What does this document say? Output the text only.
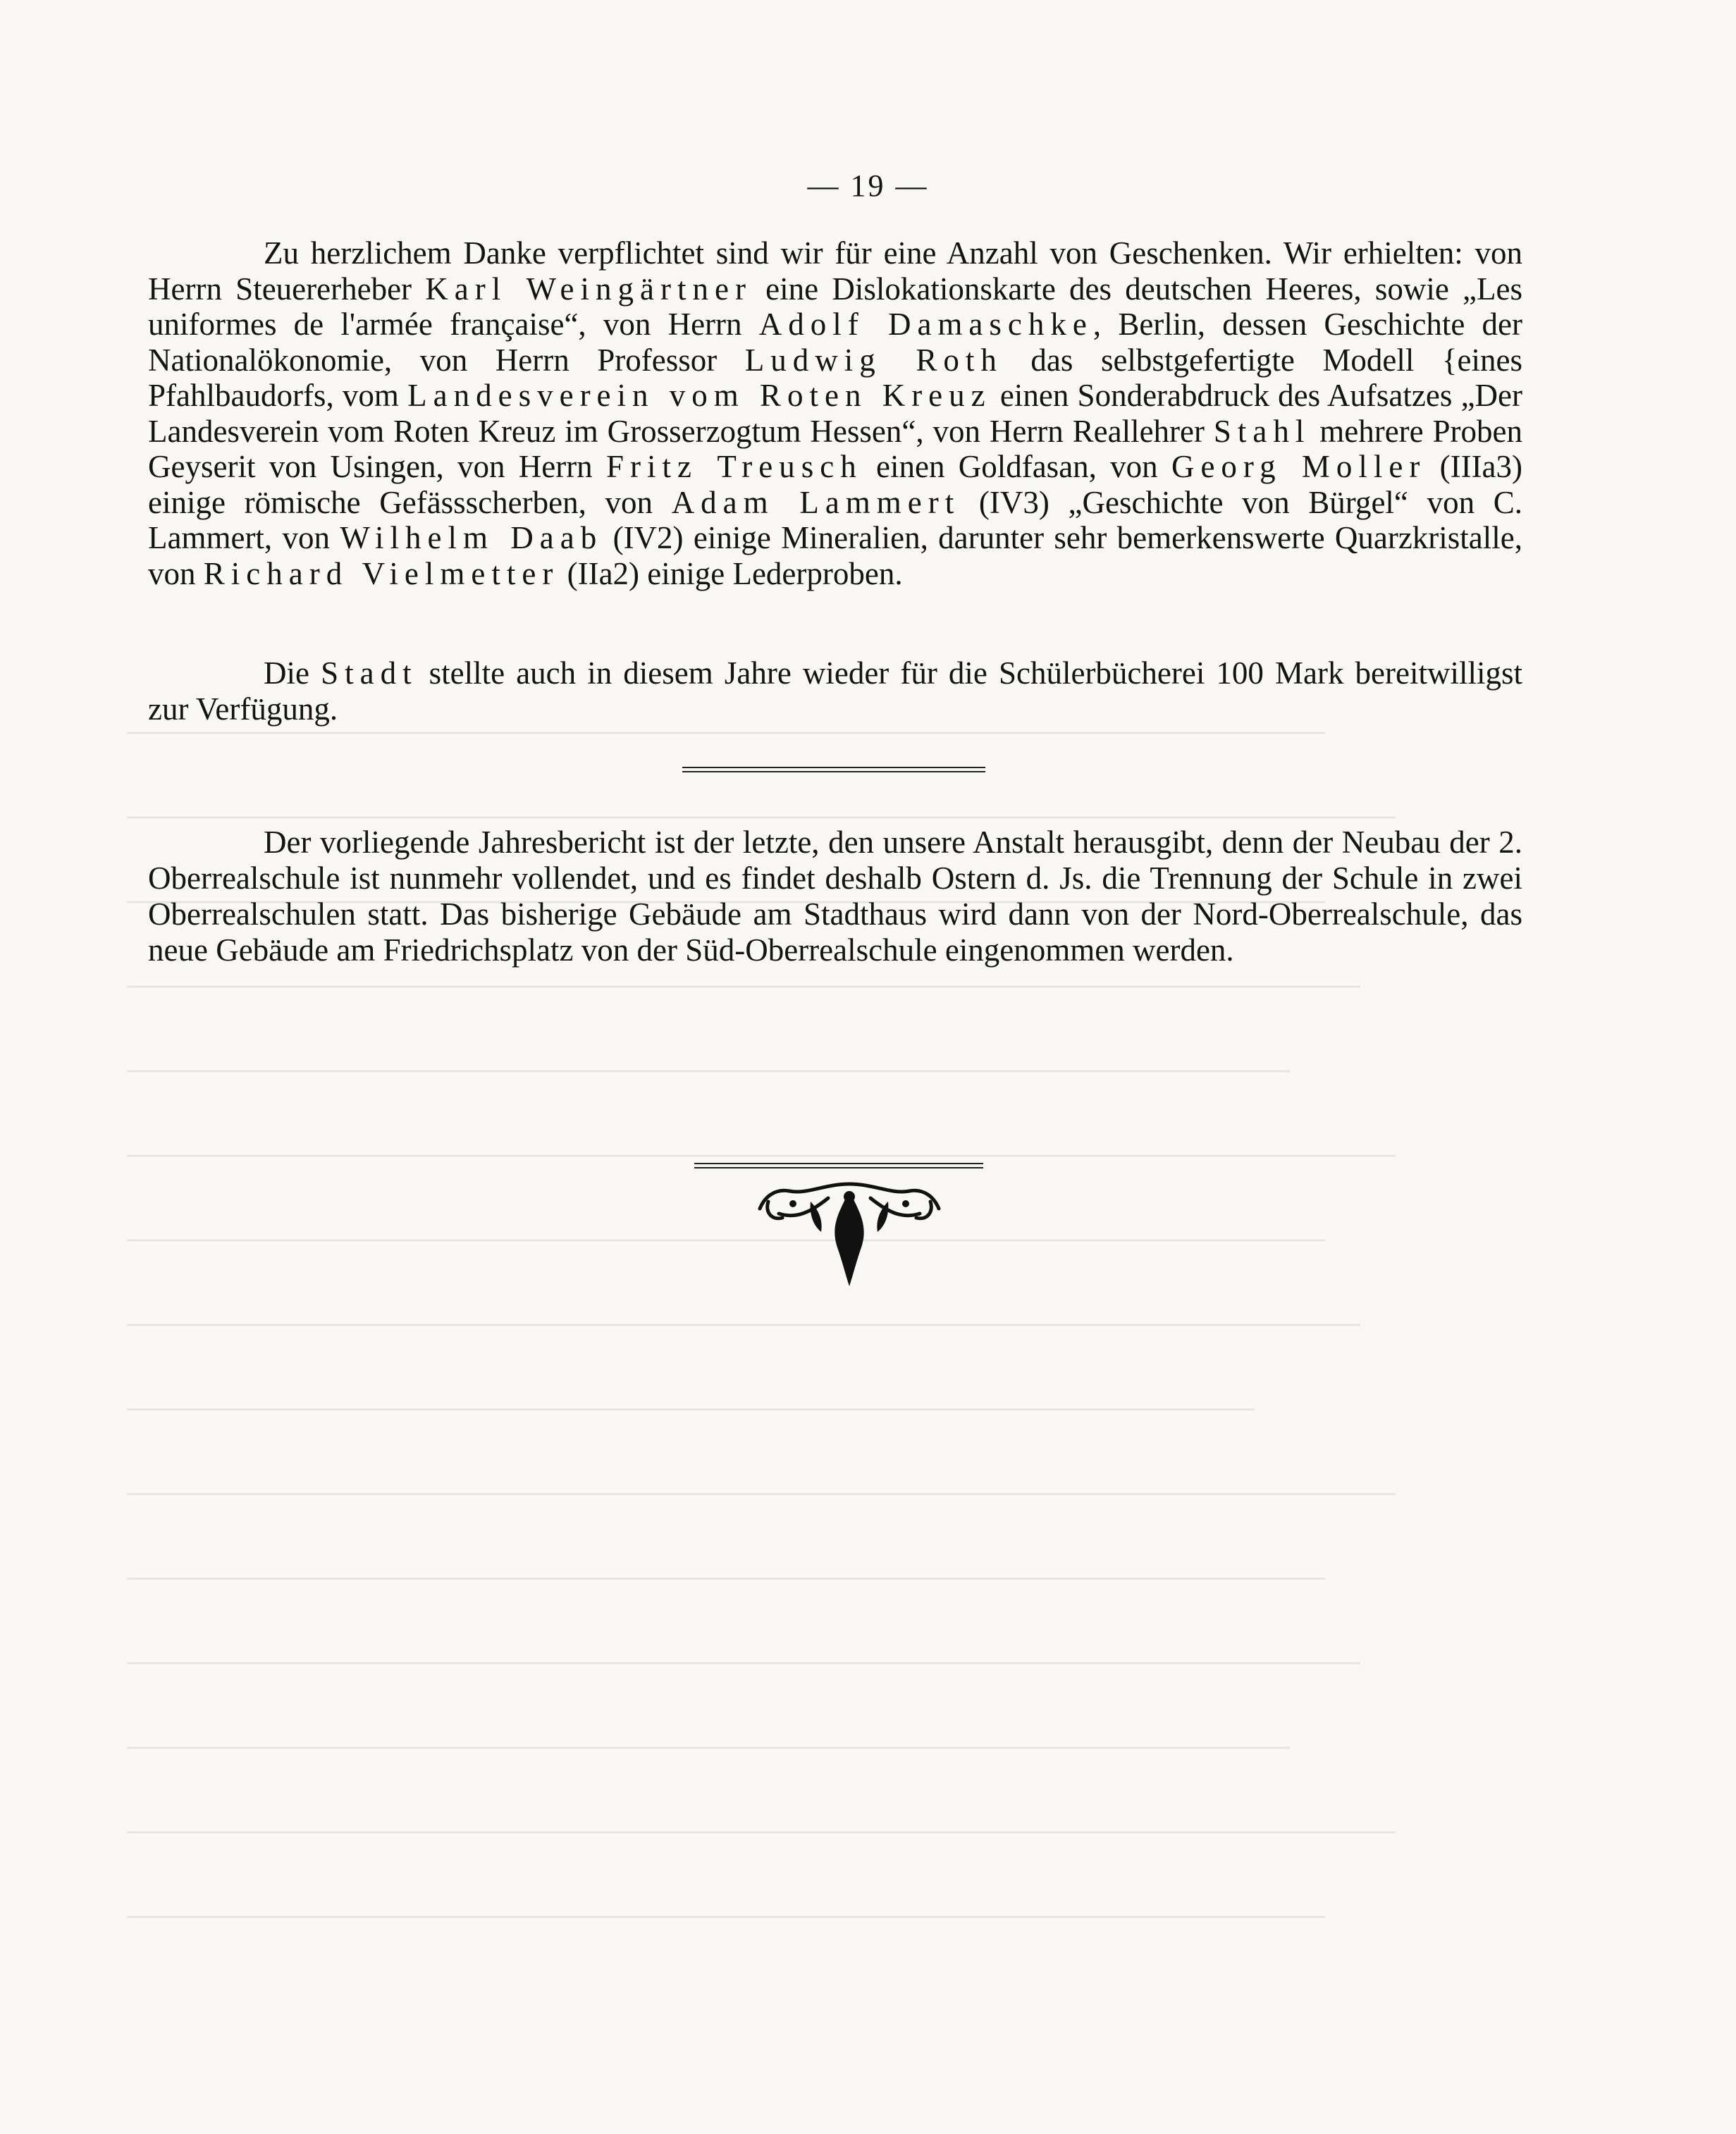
— 19 —

Zu herzlichem Danke verpflichtet sind wir für eine Anzahl von Geschenken. Wir erhielten: von Herrn Steuererheber Karl Weingärtner eine Dislokationskarte des deutschen Heeres, sowie „Les uniformes de l'armée française“, von Herrn Adolf Damaschke, Berlin, dessen Geschichte der Nationalökonomie, von Herrn Professor Ludwig Roth das selbstgefertigte Modell {eines Pfahlbaudorfs, vom Landesverein vom Roten Kreuz einen Sonderabdruck des Aufsatzes „Der Landesverein vom Roten Kreuz im Grosserzogtum Hessen“, von Herrn Reallehrer Stahl mehrere Proben Geyserit von Usingen, von Herrn Fritz Treusch einen Goldfasan, von Georg Moller (IIIa3) einige römische Gefässscherben, von Adam Lammert (IV3) „Geschichte von Bürgel“ von C. Lammert, von Wilhelm Daab (IV2) einige Mineralien, darunter sehr bemerkenswerte Quarzkristalle, von Richard Vielmetter (IIa2) einige Lederproben.

Die Stadt stellte auch in diesem Jahre wieder für die Schülerbücherei 100 Mark bereitwilligst zur Verfügung.

Der vorliegende Jahresbericht ist der letzte, den unsere Anstalt herausgibt, denn der Neubau der 2. Oberrealschule ist nunmehr vollendet, und es findet deshalb Ostern d. Js. die Trennung der Schule in zwei Oberrealschulen statt. Das bisherige Gebäude am Stadthaus wird dann von der Nord-Oberrealschule, das neue Gebäude am Friedrichsplatz von der Süd-Oberrealschule eingenommen werden.
